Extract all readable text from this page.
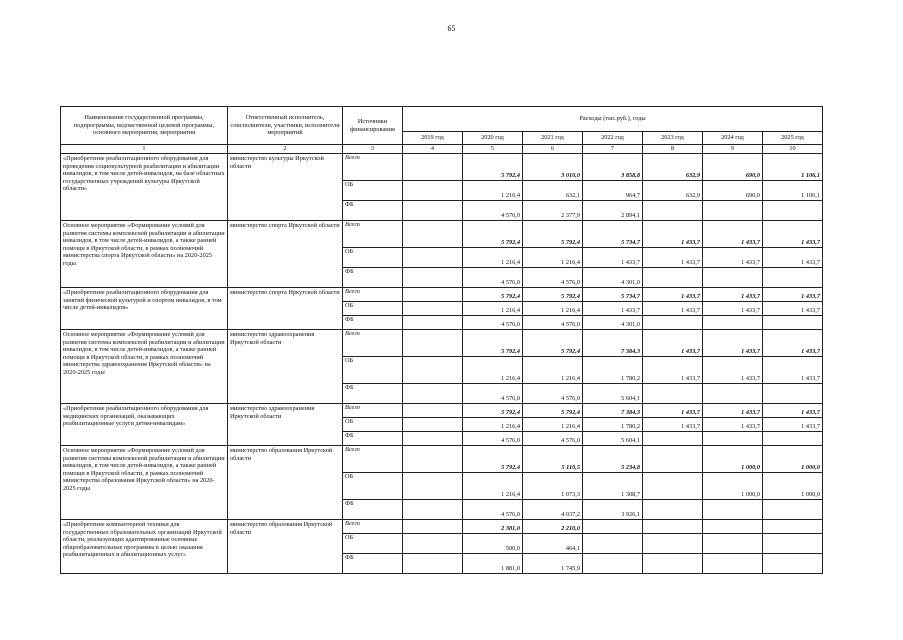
65
Наименование государственной программы, подпрограммы, ведомственной целевой программы, основного мероприятия, мероприятия	Ответственный исполнитель, соисполнители, участники, исполнители мероприятий	Источники финансирования	Расходы (тыс.руб.), годы						
			2019 год	2020 год	2021 год	2022 год	2023 год	2024 год	2025 год
1	2	3	4	5	6	7	8	9	10
«Приобретение реабилитационного оборудования для проведения социокультурной реабилитации и абилитации инвалидов, в том числе детей-инвалидов, на базе областных государственных учреждений культуры Иркутской области»	министерство культуры Иркутской области	Всего		5 792,4	3 010,0	3 858,8	632,9	690,0	1 106,1
		ОБ		1 216,4	632,1	964,7	632,9	690,0	1 106,1
		ФБ		4 576,0	2 377,9	2 894,1			
Основное мероприятие «Формирование условий для развития системы комплексной реабилитации и абилитации инвалидов, в том числе детей-инвалидов, а также ранней помощи в Иркутской области, в рамках полномочий министерства спорта Иркутской области» на 2020-2025 годы	министерство спорта Иркутской области	Всего		5 792,4	5 792,4	5 734,7	1 433,7	1 433,7	1 433,7
		ОБ		1 216,4	1 216,4	1 433,7	1 433,7	1 433,7	1 433,7
		ФБ		4 576,0	4 576,0	4 301,0			
«Приобретение реабилитационного оборудования для занятий физической культурой и спортом инвалидов, в том числе детей-инвалидов»	министерство спорта Иркутской области	Всего		5 792,4	5 792,4	5 734,7	1 433,7	1 433,7	1 433,7
		ОБ		1 216,4	1 216,4	1 433,7	1 433,7	1 433,7	1 433,7
		ФБ		4 576,0	4 576,0	4 301,0			
Основное мероприятие «Формирование условий для развития системы комплексной реабилитации и абилитации инвалидов, в том числе детей-инвалидов, а также ранней помощи в Иркутской области, в рамках полномочий министерства здравоохранения Иркутской области» на 2020-2025 годы	министерство здравоохранения Иркутской области	Всего		5 792,4	5 792,4	7 384,3	1 433,7	1 433,7	1 433,7
		ОБ		1 216,4	1 216,4	1 780,2	1 433,7	1 433,7	1 433,7
		ФБ		4 576,0	4 576,0	5 604,1			
«Приобретение реабилитационного оборудования для медицинских организаций, оказывающих реабилитационные услуги детям-инвалидам»	министерство здравоохранения Иркутской области	Всего		5 792,4	5 792,4	7 384,3	1 433,7	1 433,7	1 433,7
		ОБ		1 216,4	1 216,4	1 780,2	1 433,7	1 433,7	1 433,7
		ФБ		4 576,0	4 576,0	5 604,1			
Основное мероприятие «Формирование условий для развития системы комплексной реабилитации и абилитации инвалидов, в том числе детей-инвалидов, а также ранней помощи в Иркутской области, в рамках полномочий министерства образования Иркутской области» на 2020-2025 годы	министерство образования Иркутской области	Всего		5 792,4	5 110,5	5 234,8		1 000,0	1 000,0
		ОБ		1 216,4	1 073,3	1 308,7		1 000,0	1 000,0
		ФБ		4 576,0	4 037,2	3 926,1			
«Приобретение компьютерной техники для государственных образовательных организаций Иркутской области, реализующих адаптированные основные общеобразовательные программы в целью оказания реабилитационных и абилитационных услуг»	министерство образования Иркутской области	Всего		2 381,0	2 210,0				
		ОБ		500,0	464,1				
		ФБ		1 881,0	1 745,9				
